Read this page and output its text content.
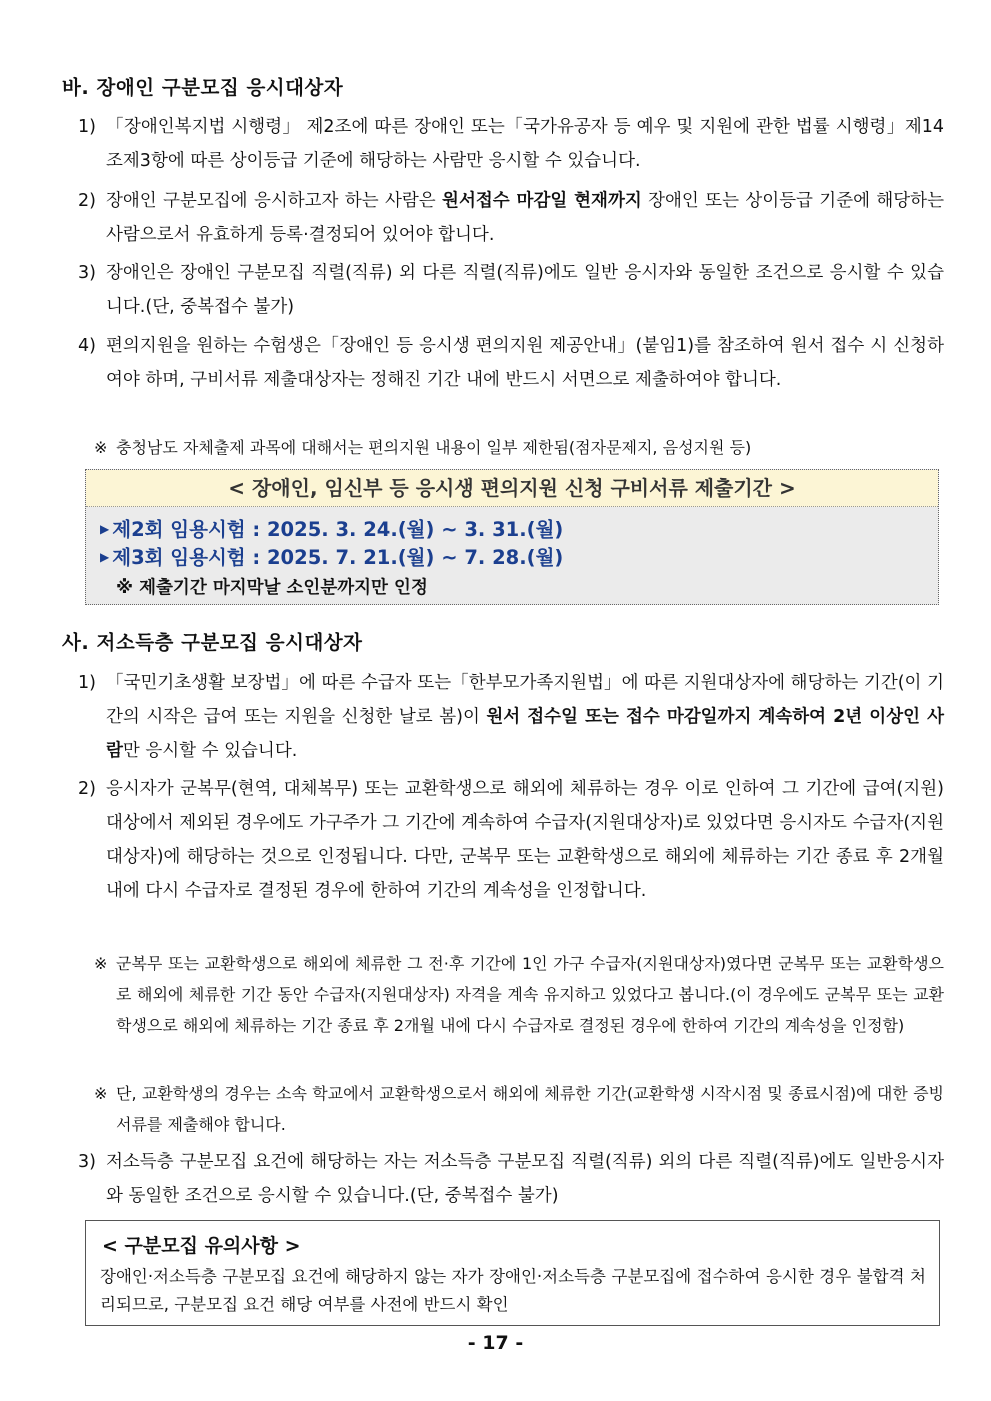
바. 장애인 구분모집 응시대상자
1) 「장애인복지법 시행령」 제2조에 따른 장애인 또는「국가유공자 등 예우 및 지원에 관한 법률 시행령」제14조제3항에 따른 상이등급 기준에 해당하는 사람만 응시할 수 있습니다.
2) 장애인 구분모집에 응시하고자 하는 사람은 원서접수 마감일 현재까지 장애인 또는 상이등급 기준에 해당하는 사람으로서 유효하게 등록·결정되어 있어야 합니다.
3) 장애인은 장애인 구분모집 직렬(직류) 외 다른 직렬(직류)에도 일반 응시자와 동일한 조건으로 응시할 수 있습니다.(단, 중복접수 불가)
4) 편의지원을 원하는 수험생은「장애인 등 응시생 편의지원 제공안내」(붙임1)를 참조하여 원서 접수 시 신청하여야 하며, 구비서류 제출대상자는 정해진 기간 내에 반드시 서면으로 제출하여야 합니다.
※ 충청남도 자체출제 과목에 대해서는 편의지원 내용이 일부 제한됨(점자문제지, 음성지원 등)
< 장애인, 임신부 등 응시생 편의지원 신청 구비서류 제출기간 >
▶ 제2회 임용시험 : 2025. 3. 24.(월) ~ 3. 31.(월)
▶ 제3회 임용시험 : 2025. 7. 21.(월) ~ 7. 28.(월)
※ 제출기간 마지막날 소인분까지만 인정
사. 저소득층 구분모집 응시대상자
1) 「국민기초생활 보장법」에 따른 수급자 또는「한부모가족지원법」에 따른 지원대상자에 해당하는 기간(이 기간의 시작은 급여 또는 지원을 신청한 날로 봄)이 원서 접수일 또는 접수 마감일까지 계속하여 2년 이상인 사람만 응시할 수 있습니다.
2) 응시자가 군복무(현역, 대체복무) 또는 교환학생으로 해외에 체류하는 경우 이로 인하여 그 기간에 급여(지원) 대상에서 제외된 경우에도 가구주가 그 기간에 계속하여 수급자(지원대상자)로 있었다면 응시자도 수급자(지원대상자)에 해당하는 것으로 인정됩니다. 다만, 군복무 또는 교환학생으로 해외에 체류하는 기간 종료 후 2개월 내에 다시 수급자로 결정된 경우에 한하여 기간의 계속성을 인정합니다.
※ 군복무 또는 교환학생으로 해외에 체류한 그 전·후 기간에 1인 가구 수급자(지원대상자)였다면 군복무 또는 교환학생으로 해외에 체류한 기간 동안 수급자(지원대상자) 자격을 계속 유지하고 있었다고 봅니다.(이 경우에도 군복무 또는 교환학생으로 해외에 체류하는 기간 종료 후 2개월 내에 다시 수급자로 결정된 경우에 한하여 기간의 계속성을 인정함)
※ 단, 교환학생의 경우는 소속 학교에서 교환학생으로서 해외에 체류한 기간(교환학생 시작시점 및 종료시점)에 대한 증빙서류를 제출해야 합니다.
3) 저소득층 구분모집 요건에 해당하는 자는 저소득층 구분모집 직렬(직류) 외의 다른 직렬(직류)에도 일반응시자와 동일한 조건으로 응시할 수 있습니다.(단, 중복접수 불가)
< 구분모집 유의사항 >
장애인·저소득층 구분모집 요건에 해당하지 않는 자가 장애인·저소득층 구분모집에 접수하여 응시한 경우 불합격 처리되므로, 구분모집 요건 해당 여부를 사전에 반드시 확인
- 17 -
